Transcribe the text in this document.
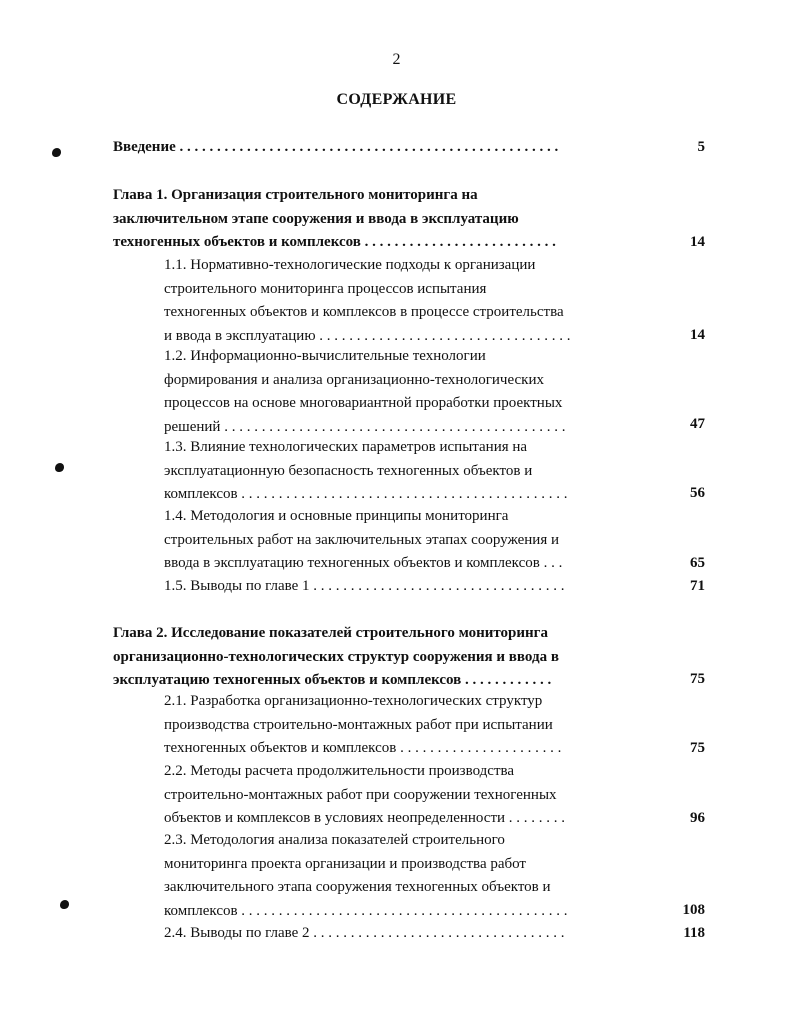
2
СОДЕРЖАНИЕ
Введение . . . . . . . . . . . . . . . . . . . . . . . . . . . . . . . . . . . . . . . . . . . . . . . . . . .	5
Глава 1. Организация строительного мониторинга на
заключительном этапе сооружения и ввода в эксплуатацию
техногенных объектов и комплексов . . . . . . . . . . . . . . . . . . . . . . . . . .	14
1.1. Нормативно-технологические подходы к организации
строительного мониторинга процессов испытания
техногенных объектов и комплексов в процессе строительства
и ввода в эксплуатацию . . . . . . . . . . . . . . . . . . . . . . . . . . . . . . . . . .	14
1.2. Информационно-вычислительные технологии
формирования и анализа организационно-технологических
процессов на основе многовариантной проработки проектных
решений . . . . . . . . . . . . . . . . . . . . . . . . . . . . . . . . . . . . . . . . . . . . . .	47
1.3. Влияние технологических параметров испытания на
эксплуатационную безопасность техногенных объектов и
комплексов . . . . . . . . . . . . . . . . . . . . . . . . . . . . . . . . . . . . . . . . . . . .	56
1.4. Методология и основные принципы мониторинга
строительных работ на заключительных этапах сооружения и
ввода в эксплуатацию техногенных объектов и комплексов . . .	65
1.5. Выводы по главе 1 . . . . . . . . . . . . . . . . . . . . . . . . . . . . . . . . . .	71
Глава 2. Исследование показателей строительного мониторинга
организационно-технологических структур сооружения и ввода в
эксплуатацию техногенных объектов и комплексов . . . . . . . . . . . .	75
2.1. Разработка организационно-технологических структур
производства строительно-монтажных работ при испытании
техногенных объектов и комплексов . . . . . . . . . . . . . . . . . . . . . .	75
2.2. Методы расчета продолжительности производства
строительно-монтажных работ при сооружении техногенных
объектов и комплексов в условиях неопределенности . . . . . . . .	96
2.3. Методология анализа показателей строительного
мониторинга проекта организации и производства работ
заключительного этапа сооружения техногенных объектов и
комплексов . . . . . . . . . . . . . . . . . . . . . . . . . . . . . . . . . . . . . . . . . . . .	108
2.4. Выводы по главе 2 . . . . . . . . . . . . . . . . . . . . . . . . . . . . . . . . . .	118
